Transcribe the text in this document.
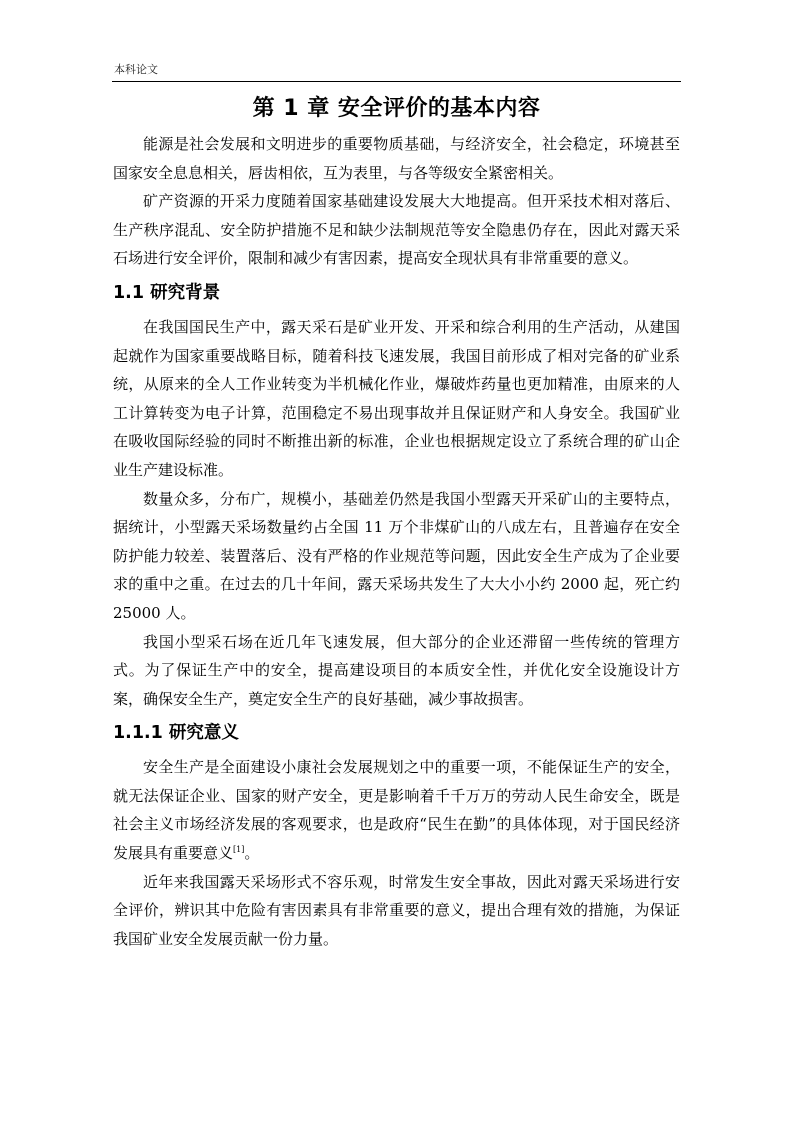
本科论文
第 1 章 安全评价的基本内容

能源是社会发展和文明进步的重要物质基础，与经济安全，社会稳定，环境甚至国家安全息息相关，唇齿相依，互为表里，与各等级安全紧密相关。

矿产资源的开采力度随着国家基础建设发展大大地提高。但开采技术相对落后、生产秩序混乱、安全防护措施不足和缺少法制规范等安全隐患仍存在，因此对露天采石场进行安全评价，限制和减少有害因素，提高安全现状具有非常重要的意义。

1.1 研究背景

在我国国民生产中，露天采石是矿业开发、开采和综合利用的生产活动，从建国起就作为国家重要战略目标，随着科技飞速发展，我国目前形成了相对完备的矿业系统，从原来的全人工作业转变为半机械化作业，爆破炸药量也更加精准，由原来的人工计算转变为电子计算，范围稳定不易出现事故并且保证财产和人身安全。我国矿业在吸收国际经验的同时不断推出新的标准，企业也根据规定设立了系统合理的矿山企业生产建设标准。

数量众多，分布广，规模小，基础差仍然是我国小型露天开采矿山的主要特点，据统计，小型露天采场数量约占全国 11 万个非煤矿山的八成左右，且普遍存在安全防护能力较差、装置落后、没有严格的作业规范等问题，因此安全生产成为了企业要求的重中之重。在过去的几十年间，露天采场共发生了大大小小约 2000 起，死亡约 25000 人。

我国小型采石场在近几年飞速发展，但大部分的企业还滞留一些传统的管理方式。为了保证生产中的安全，提高建设项目的本质安全性，并优化安全设施设计方案，确保安全生产，奠定安全生产的良好基础，减少事故损害。

1.1.1 研究意义

安全生产是全面建设小康社会发展规划之中的重要一项，不能保证生产的安全，就无法保证企业、国家的财产安全，更是影响着千千万万的劳动人民生命安全，既是社会主义市场经济发展的客观要求，也是政府“民生在勤”的具体体现，对于国民经济发展具有重要意义[1]。

近年来我国露天采场形式不容乐观，时常发生安全事故，因此对露天采场进行安全评价，辨识其中危险有害因素具有非常重要的意义，提出合理有效的措施，为保证我国矿业安全发展贡献一份力量。
